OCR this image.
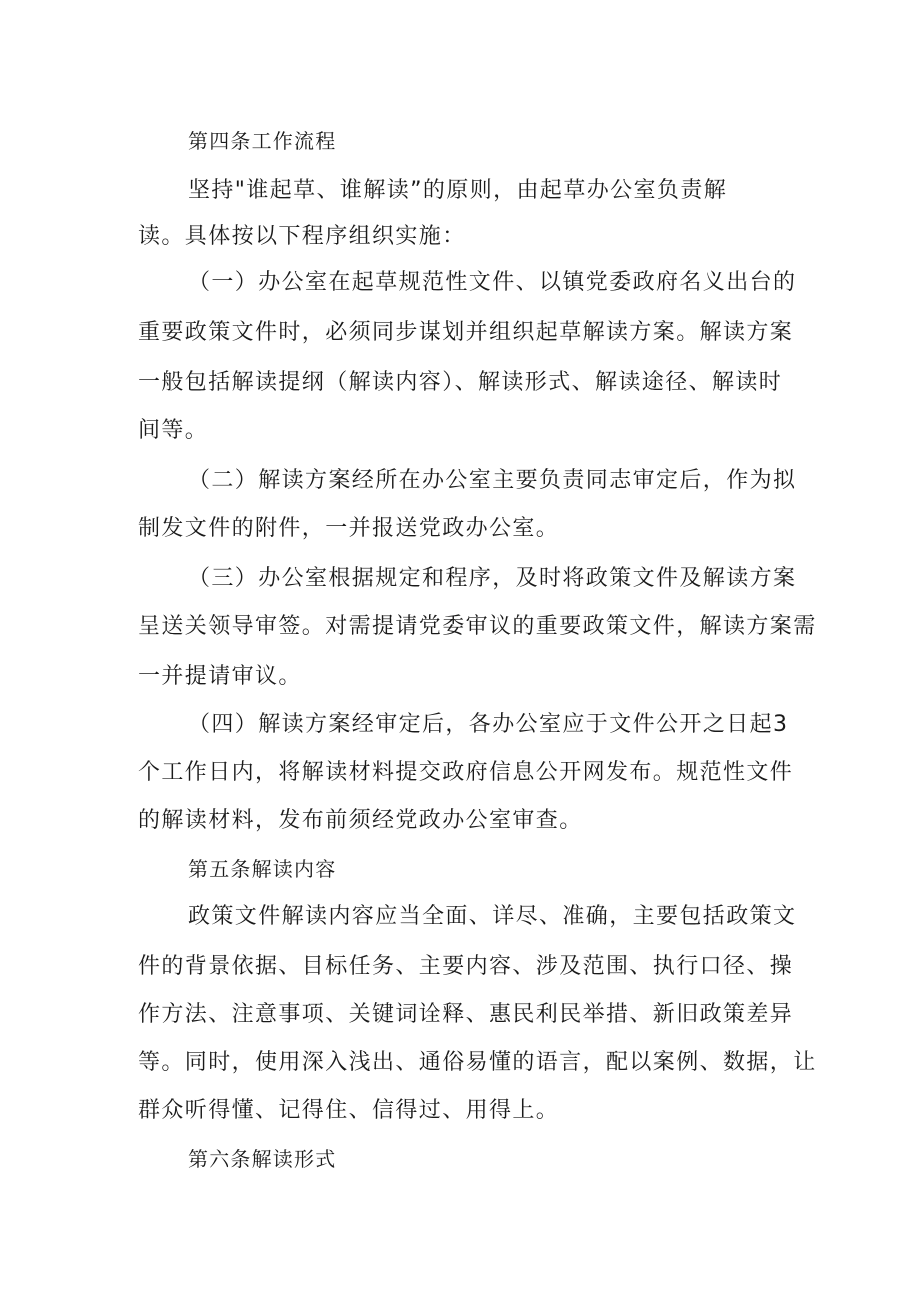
第四条工作流程
坚持"谁起草、谁解读”的原则，由起草办公室负责解
读。具体按以下程序组织实施：
（一）办公室在起草规范性文件、以镇党委政府名义出台的
重要政策文件时，必须同步谋划并组织起草解读方案。解读方案
一般包括解读提纲（解读内容）、解读形式、解读途径、解读时
间等。
（二）解读方案经所在办公室主要负责同志审定后，作为拟
制发文件的附件，一并报送党政办公室。
（三）办公室根据规定和程序，及时将政策文件及解读方案
呈送关领导审签。对需提请党委审议的重要政策文件，解读方案需
一并提请审议。
（四）解读方案经审定后，各办公室应于文件公开之日起3
个工作日内，将解读材料提交政府信息公开网发布。规范性文件
的解读材料，发布前须经党政办公室审查。
第五条解读内容
政策文件解读内容应当全面、详尽、准确，主要包括政策文
件的背景依据、目标任务、主要内容、涉及范围、执行口径、操
作方法、注意事项、关键词诠释、惠民利民举措、新旧政策差异
等。同时，使用深入浅出、通俗易懂的语言，配以案例、数据，让
群众听得懂、记得住、信得过、用得上。
第六条解读形式
